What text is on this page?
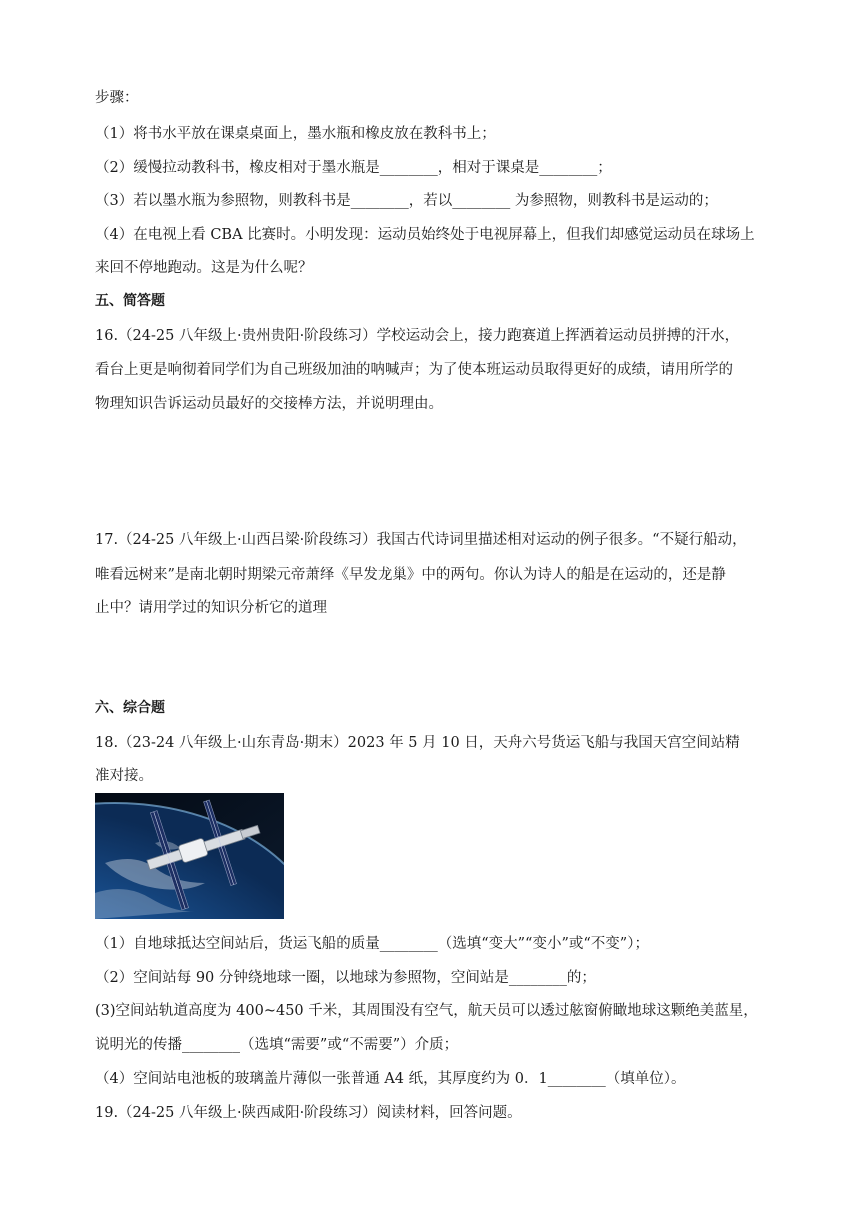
步骤：
（1）将书水平放在课桌桌面上，墨水瓶和橡皮放在教科书上；
（2）缓慢拉动教科书，橡皮相对于墨水瓶是________，相对于课桌是________；
（3）若以墨水瓶为参照物，则教科书是________，若以________ 为参照物，则教科书是运动的；
（4）在电视上看 CBA 比赛时。小明发现：运动员始终处于电视屏幕上，但我们却感觉运动员在球场上
来回不停地跑动。这是为什么呢？
五、简答题
16.（24-25 八年级上·贵州贵阳·阶段练习）学校运动会上，接力跑赛道上挥洒着运动员拼搏的汗水，
看台上更是响彻着同学们为自己班级加油的呐喊声；为了使本班运动员取得更好的成绩，请用所学的
物理知识告诉运动员最好的交接棒方法，并说明理由。
17.（24-25 八年级上·山西吕梁·阶段练习）我国古代诗词里描述相对运动的例子很多。“不疑行船动，
唯看远树来”是南北朝时期梁元帝萧绎《早发龙巢》中的两句。你认为诗人的船是在运动的，还是静
止中？请用学过的知识分析它的道理
六、综合题
18.（23-24 八年级上·山东青岛·期末）2023 年 5 月 10 日，天舟六号货运飞船与我国天宫空间站精
准对接。
（1）自地球抵达空间站后，货运飞船的质量________（选填“变大”“变小”或“不变”）；
（2）空间站每 90 分钟绕地球一圈，以地球为参照物，空间站是________的；
(3)空间站轨道高度为 400~450 千米，其周围没有空气，航天员可以透过舷窗俯瞰地球这颗绝美蓝星，
说明光的传播________（选填“需要”或“不需要”）介质；
（4）空间站电池板的玻璃盖片薄似一张普通 A4 纸，其厚度约为 0．1________（填单位）。
19.（24-25 八年级上·陕西咸阳·阶段练习）阅读材料，回答问题。
